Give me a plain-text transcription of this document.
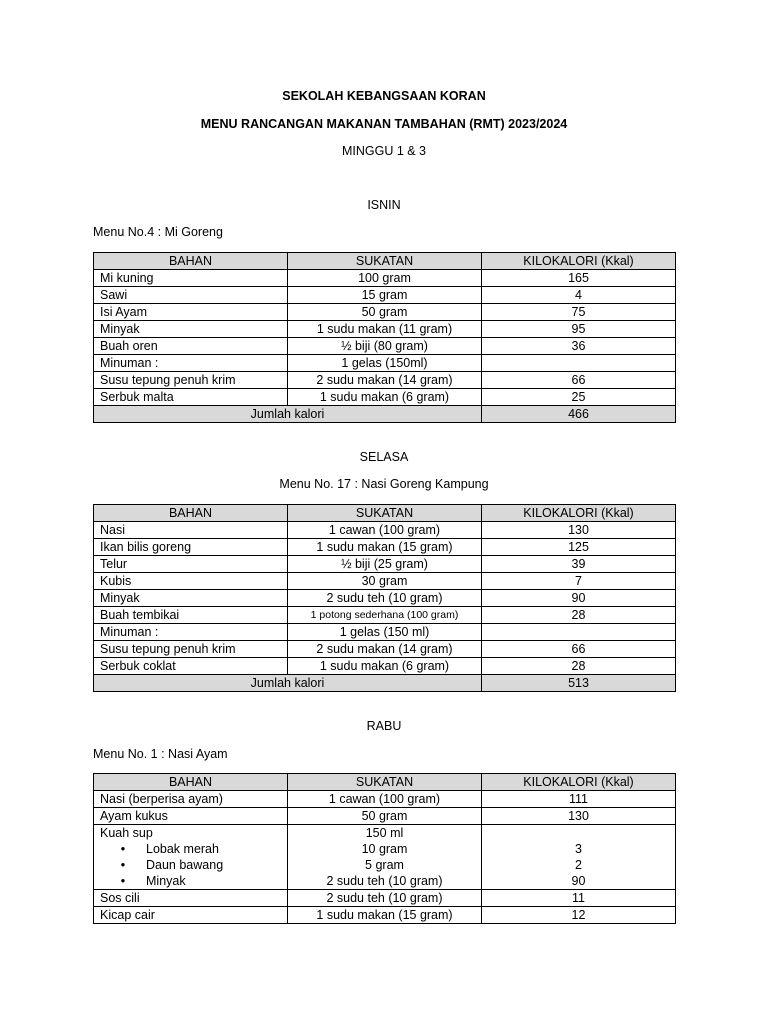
SEKOLAH KEBANGSAAN KORAN
MENU RANCANGAN MAKANAN TAMBAHAN (RMT) 2023/2024
MINGGU 1 & 3
ISNIN
Menu No.4 : Mi Goreng
BAHAN	SUKATAN	KILOKALORI (Kkal)
Mi kuning	100 gram	165
Sawi	15 gram	4
Isi Ayam	50 gram	75
Minyak	1 sudu makan (11 gram)	95
Buah oren	½ biji (80 gram)	36
Minuman :	1 gelas (150ml)	
Susu tepung penuh krim	2 sudu makan (14 gram)	66
Serbuk malta	1 sudu makan (6 gram)	25
Jumlah kalori		466
SELASA
Menu No. 17 : Nasi Goreng Kampung
BAHAN	SUKATAN	KILOKALORI (Kkal)
Nasi	1 cawan (100 gram)	130
Ikan bilis goreng	1 sudu makan (15 gram)	125
Telur	½ biji (25 gram)	39
Kubis	30 gram	7
Minyak	2 sudu teh (10 gram)	90
Buah tembikai	1 potong sederhana (100 gram)	28
Minuman :	1 gelas (150 ml)	
Susu tepung penuh krim	2 sudu makan (14 gram)	66
Serbuk coklat	1 sudu makan (6 gram)	28
Jumlah kalori		513
RABU
Menu No. 1 : Nasi Ayam
BAHAN	SUKATAN	KILOKALORI (Kkal)
Nasi (berperisa ayam)	1 cawan (100 gram)	111
Ayam kukus	50 gram	130
Kuah sup	150 ml	
• Lobak merah	10 gram	3
• Daun bawang	5 gram	2
• Minyak	2 sudu teh (10 gram)	90
Sos cili	2 sudu teh (10 gram)	11
Kicap cair	1 sudu makan (15 gram)	12
